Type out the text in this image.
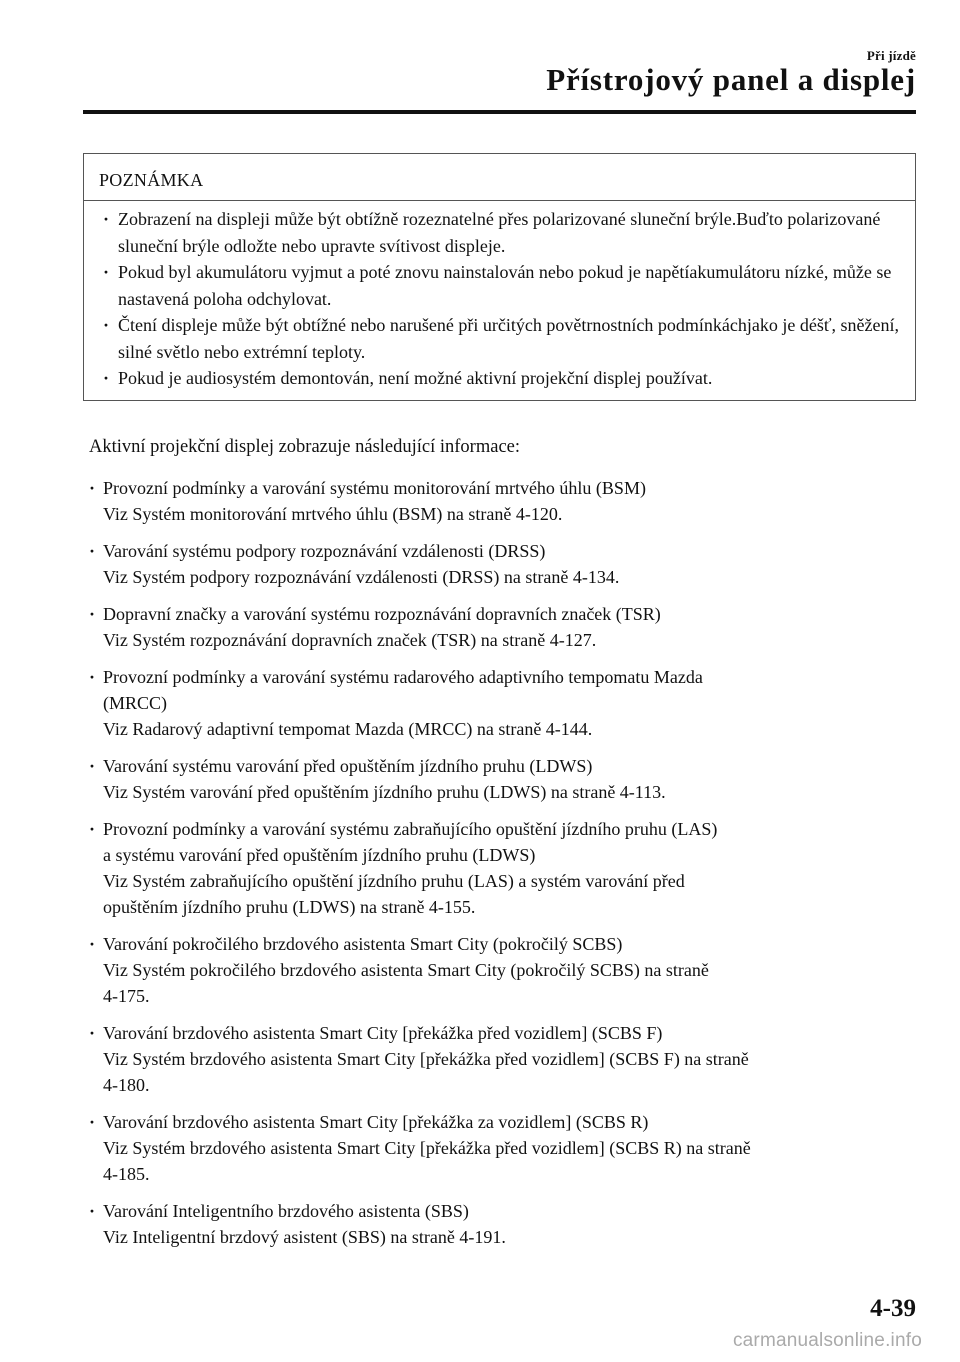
Při jízdě
Přístrojový panel a displej
POZNÁMKA
· Zobrazení na displeji může být obtížně rozeznatelné přes polarizované sluneční brýle.Buďto polarizované sluneční brýle odložte nebo upravte svítivost displeje.
· Pokud byl akumulátoru vyjmut a poté znovu nainstalován nebo pokud je napětíakumulátoru nízké, může se nastavená poloha odchylovat.
· Čtení displeje může být obtížné nebo narušené při určitých povětrnostních podmínkáchjako je déšť, sněžení, silné světlo nebo extrémní teploty.
· Pokud je audiosystém demontován, není možné aktivní projekční displej používat.
Aktivní projekční displej zobrazuje následující informace:
· Provozní podmínky a varování systému monitorování mrtvého úhlu (BSM)
Viz Systém monitorování mrtvého úhlu (BSM) na straně 4-120.
· Varování systému podpory rozpoznávání vzdálenosti (DRSS)
Viz Systém podpory rozpoznávání vzdálenosti (DRSS) na straně 4-134.
· Dopravní značky a varování systému rozpoznávání dopravních značek (TSR)
Viz Systém rozpoznávání dopravních značek (TSR) na straně 4-127.
· Provozní podmínky a varování systému radarového adaptivního tempomatu Mazda
(MRCC)
Viz Radarový adaptivní tempomat Mazda (MRCC) na straně 4-144.
· Varování systému varování před opuštěním jízdního pruhu (LDWS)
Viz Systém varování před opuštěním jízdního pruhu (LDWS) na straně 4-113.
· Provozní podmínky a varování systému zabraňujícího opuštění jízdního pruhu (LAS)
a systému varování před opuštěním jízdního pruhu (LDWS)
Viz Systém zabraňujícího opuštění jízdního pruhu (LAS) a systém varování před
opuštěním jízdního pruhu (LDWS) na straně 4-155.
· Varování pokročilého brzdového asistenta Smart City (pokročilý SCBS)
Viz Systém pokročilého brzdového asistenta Smart City (pokročilý SCBS) na straně
4-175.
· Varování brzdového asistenta Smart City [překážka před vozidlem] (SCBS F)
Viz Systém brzdového asistenta Smart City [překážka před vozidlem] (SCBS F) na straně
4-180.
· Varování brzdového asistenta Smart City [překážka za vozidlem] (SCBS R)
Viz Systém brzdového asistenta Smart City [překážka před vozidlem] (SCBS R) na straně
4-185.
· Varování Inteligentního brzdového asistenta (SBS)
Viz Inteligentní brzdový asistent (SBS) na straně 4-191.
4-39
carmanualsonline.info
